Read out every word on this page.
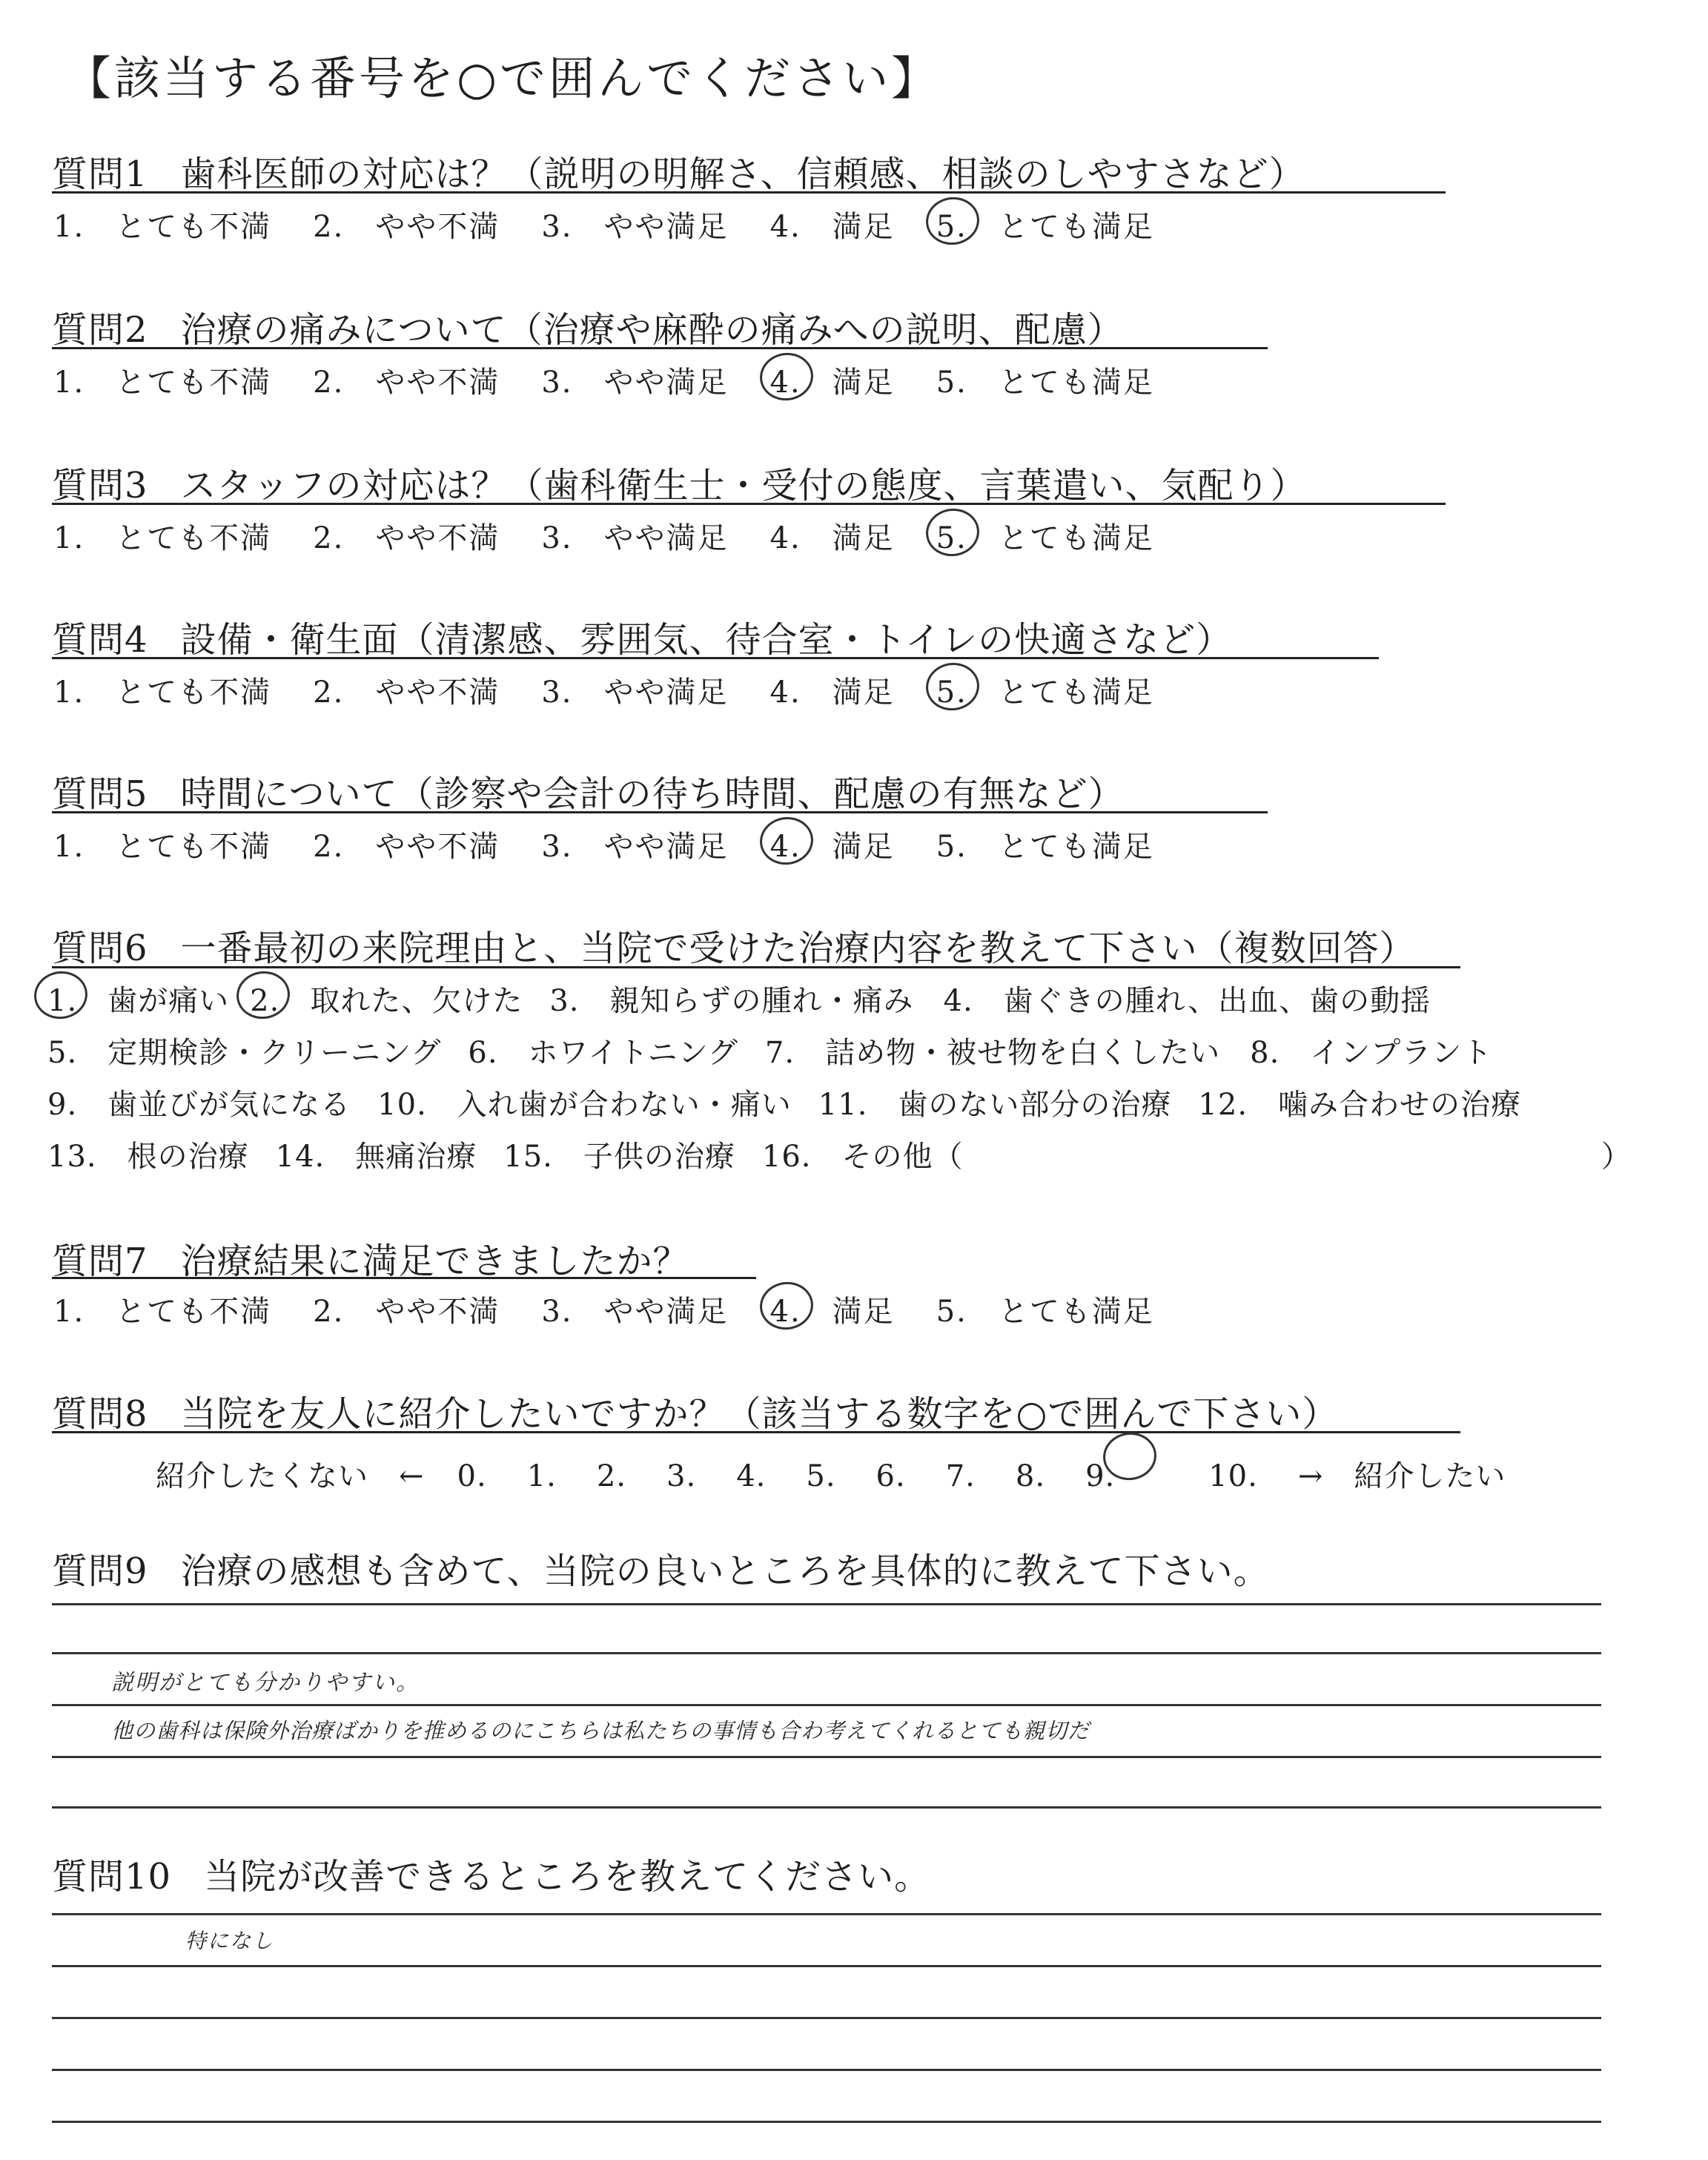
【該当する番号を○で囲んでください】
質問1 歯科医師の対応は？（説明の明解さ、信頼感、相談のしやすさなど）
1.　とても不満 2.　やや不満 3.　やや満足 4.　満足 5.　とても満足
質問2 治療の痛みについて（治療や麻酔の痛みへの説明、配慮）
1.　とても不満 2.　やや不満 3.　やや満足 4.　満足 5.　とても満足
質問3 スタッフの対応は？（歯科衛生士・受付の態度、言葉遣い、気配り）
1.　とても不満 2.　やや不満 3.　やや満足 4.　満足 5.　とても満足
質問4 設備・衛生面（清潔感、雰囲気、待合室・トイレの快適さなど）
1.　とても不満 2.　やや不満 3.　やや満足 4.　満足 5.　とても満足
質問5 時間について（診察や会計の待ち時間、配慮の有無など）
1.　とても不満 2.　やや不満 3.　やや満足 4.　満足 5.　とても満足
質問6 一番最初の来院理由と、当院で受けた治療内容を教えて下さい（複数回答）
1.　歯が痛い 2.　取れた、欠けた 3.　親知らずの腫れ・痛み 4.　歯ぐきの腫れ、出血、歯の動揺
5.　定期検診・クリーニング 6.　ホワイトニング 7.　詰め物・被せ物を白くしたい 8.　インプラント
9.　歯並びが気になる 10.　入れ歯が合わない・痛い 11.　歯のない部分の治療 12.　噛み合わせの治療
13.　根の治療 14.　無痛治療 15.　子供の治療 16.　その他（	）
質問7 治療結果に満足できましたか？
1.　とても不満 2.　やや不満 3.　やや満足 4.　満足 5.　とても満足
質問8 当院を友人に紹介したいですか？（該当する数字を○で囲んで下さい）
紹介したくない　← 0. 1. 2. 3. 4. 5. 6. 7. 8. 9.	10. →　紹介したい
質問9 治療の感想も含めて、当院の良いところを具体的に教えて下さい。
説明がとても分かりやすい。
他の歯科は保険外治療ばかりを推めるのにこちらは私たちの事情も合わ考えてくれるとても親切だ
質問10 当院が改善できるところを教えてください。
特になし
